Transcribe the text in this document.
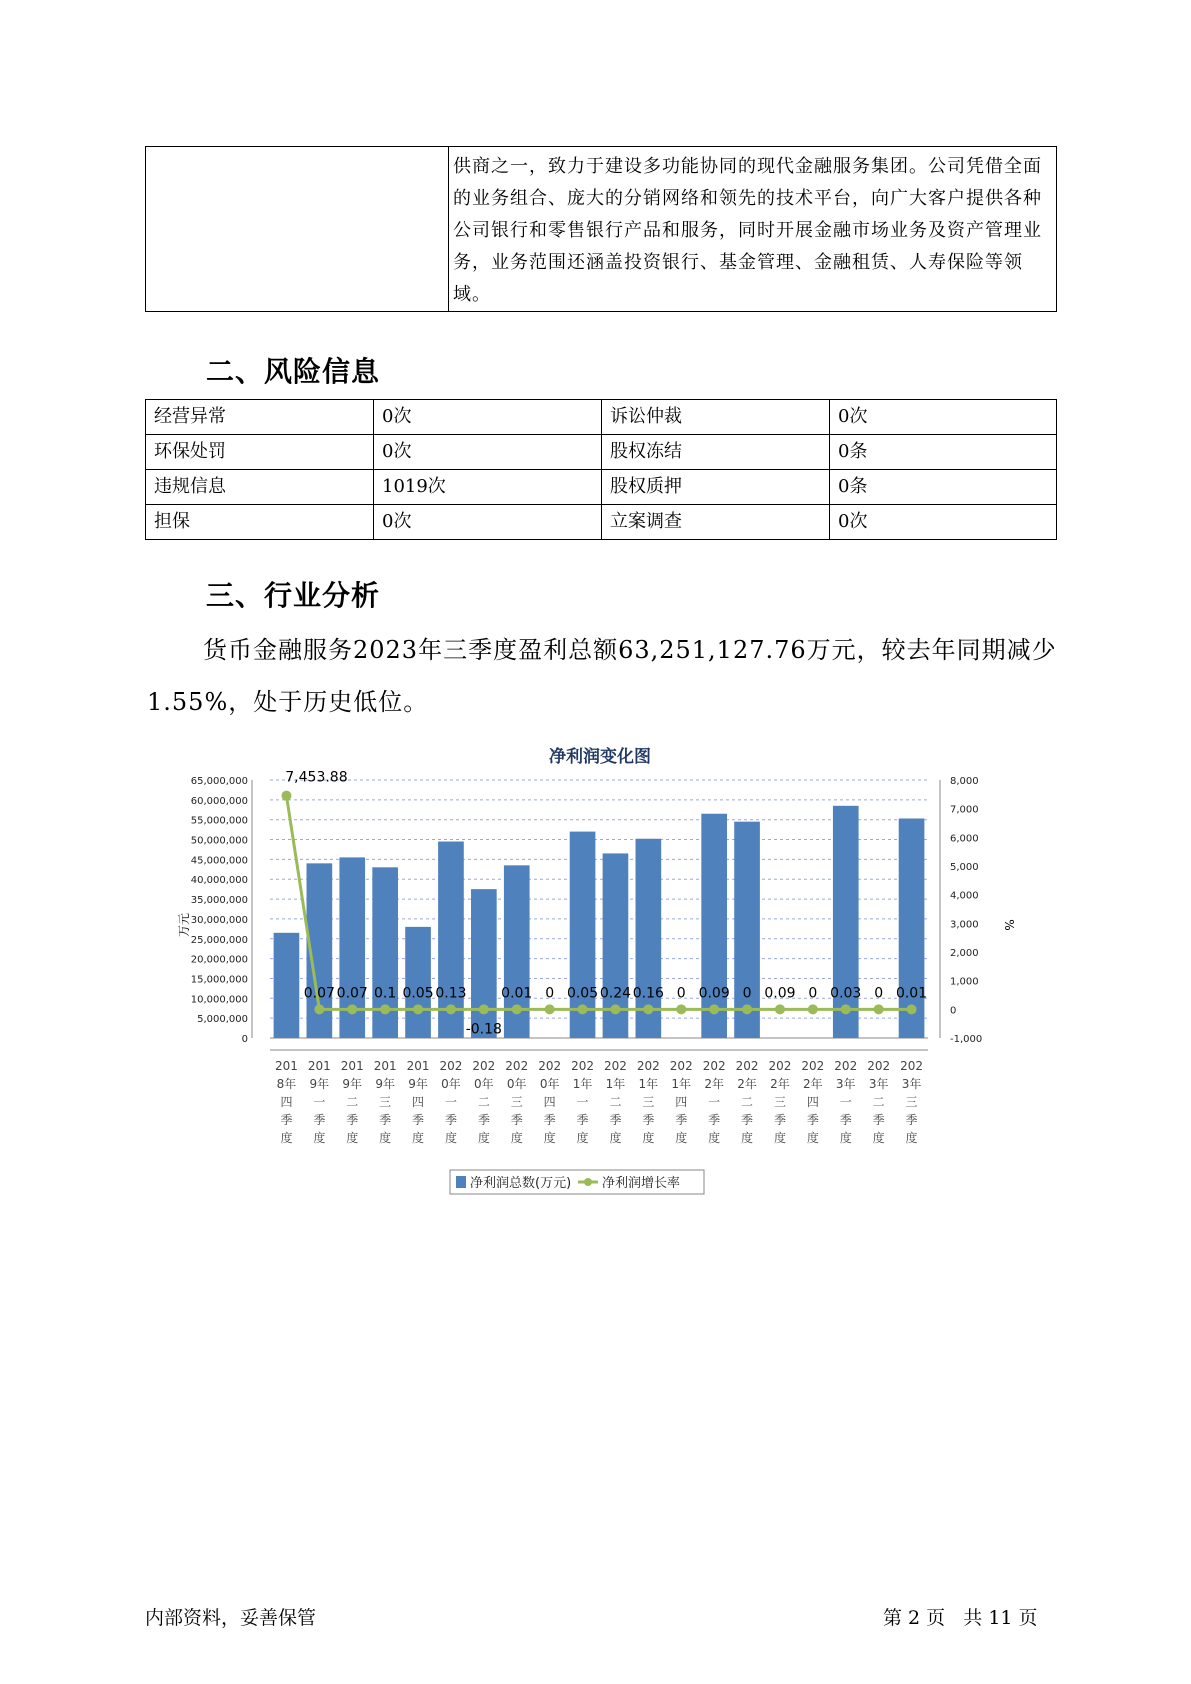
	供商之一，致力于建设多功能协同的现代金融服务集团。公司凭借全面的业务组合、庞大的分销网络和领先的技术平台，向广大客户提供各种公司银行和零售银行产品和服务，同时开展金融市场业务及资产管理业务，业务范围还涵盖投资银行、基金管理、金融租赁、人寿保险等领域。
二、风险信息
经营异常	0次	诉讼仲裁	0次
环保处罚	0次	股权冻结	0条
违规信息	1019次	股权质押	0条
担保	0次	立案调查	0次
三、行业分析
货币金融服务2023年三季度盈利总额63,251,127.76万元，较去年同期减少1.55%，处于历史低位。
净利润变化图
65,000,000
60,000,000
55,000,000
50,000,000
45,000,000
40,000,000
35,000,000
30,000,000
25,000,000
20,000,000
15,000,000
10,000,000
5,000,000
0
8,000
7,000
6,000
5,000
4,000
3,000
2,000
1,000
0
-1,000
万元	%
7,453.88
0.07 0.07 0.1 0.05 0.13
-0.18
0.01 0 0.05 0.24 0.16 0 0.09 0 0.09 0 0.03 0 0.01
201 8年四季度
201 9年一季度
201 9年二季度
201 9年三季度
201 9年四季度
202 0年一季度
202 0年二季度
202 0年三季度
202 0年四季度
202 1年一季度
202 1年二季度
202 1年三季度
202 1年四季度
202 2年一季度
202 2年二季度
202 2年三季度
202 2年四季度
202 3年一季度
202 3年二季度
202 3年三季度
净利润总数(万元) 净利润增长率
内部资料，妥善保管	第 2 页   共 11 页
